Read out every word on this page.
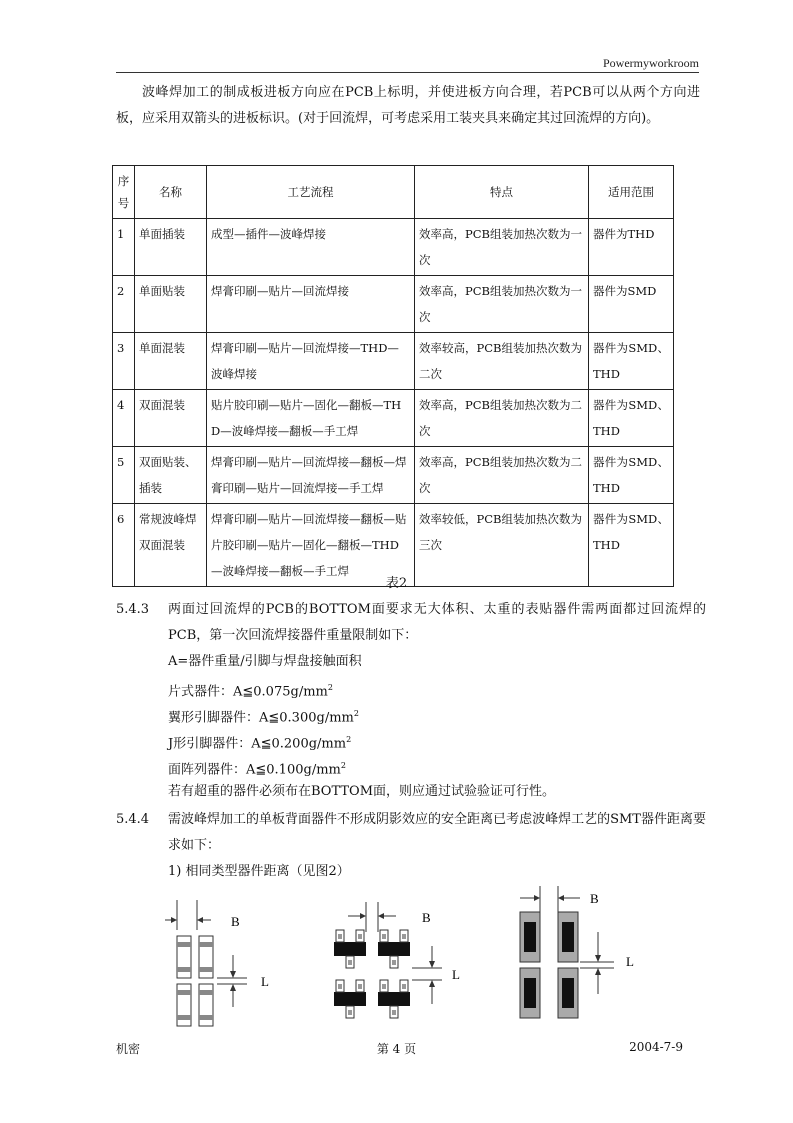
Powermyworkroom
波峰焊加工的制成板进板方向应在PCB上标明，并使进板方向合理，若PCB可以从两个方向进板，应采用双箭头的进板标识。(对于回流焊，可考虑采用工装夹具来确定其过回流焊的方向)。
序号	名称	工艺流程	特点	适用范围
1	单面插装	成型—插件—波峰焊接	效率高，PCB组装加热次数为一次	器件为THD
2	单面贴装	焊膏印刷—贴片—回流焊接	效率高，PCB组装加热次数为一次	器件为SMD
3	单面混装	焊膏印刷—贴片—回流焊接—THD—波峰焊接	效率较高，PCB组装加热次数为二次	器件为SMD、THD
4	双面混装	贴片胶印刷—贴片—固化—翻板—THD—波峰焊接—翻板—手工焊	效率高，PCB组装加热次数为二次	器件为SMD、THD
5	双面贴装、插装	焊膏印刷—贴片—回流焊接—翻板—焊膏印刷—贴片—回流焊接—手工焊	效率高，PCB组装加热次数为二次	器件为SMD、THD
6	常规波峰焊双面混装	焊膏印刷—贴片—回流焊接—翻板—贴片胶印刷—贴片—固化—翻板—THD—波峰焊接—翻板—手工焊	效率较低，PCB组装加热次数为三次	器件为SMD、THD
表2
5.4.3	两面过回流焊的PCB的BOTTOM面要求无大体积、太重的表贴器件需两面都过回流焊的PCB，第一次回流焊接器件重量限制如下：
A=器件重量/引脚与焊盘接触面积
片式器件：$A≦0.075g/mm^2$
翼形引脚器件：$A≦0.300g/mm^2$
J形引脚器件：$A≦0.200g/mm^2$
面阵列器件：$A≦0.100g/mm^2$
若有超重的器件必须布在BOTTOM面，则应通过试验验证可行性。
5.4.4	需波峰焊加工的单板背面器件不形成阴影效应的安全距离已考虑波峰焊工艺的SMT器件距离要求如下：
1) 相同类型器件距离（见图2）
B
L
B
L
B
L
机密	第 4 页	2004-7-9
